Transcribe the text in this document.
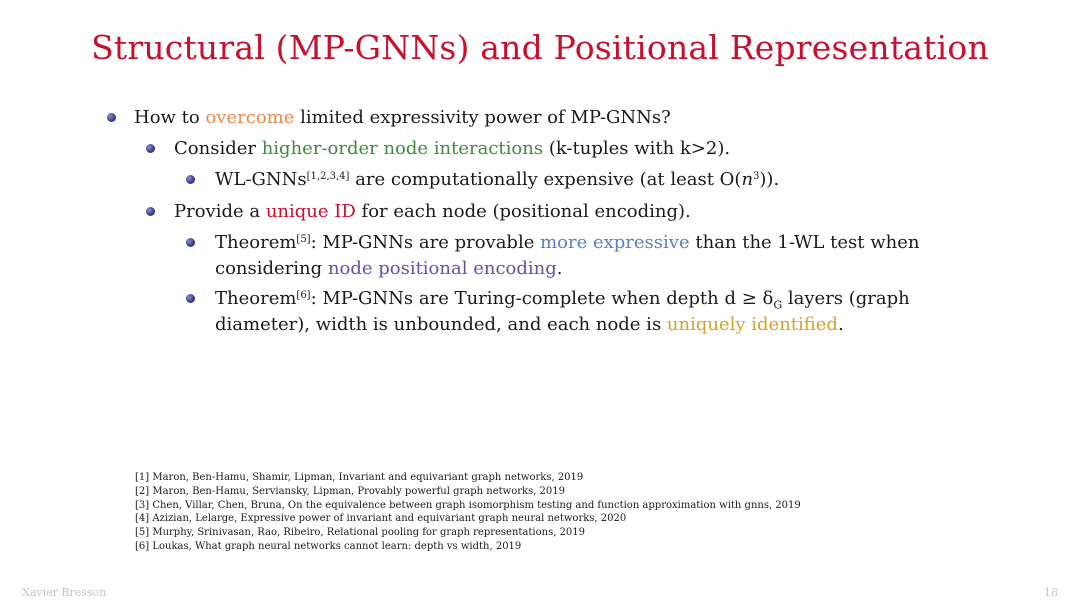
Structural (MP-GNNs) and Positional Representation
How to overcome limited expressivity power of MP-GNNs?
Consider higher-order node interactions (k-tuples with k>2).
WL-GNNs[1,2,3,4] are computationally expensive (at least $O(n^3)$).
Provide a unique ID for each node (positional encoding).
Theorem[5]: MP-GNNs are provable more expressive than the 1-WL test when
considering node positional encoding.
Theorem[6]: MP-GNNs are Turing-complete when depth $d \ge \delta_G$ layers (graph
diameter), width is unbounded, and each node is uniquely identified.
[1] Maron, Ben-Hamu, Shamir, Lipman, Invariant and equivariant graph networks, 2019
[2] Maron, Ben-Hamu, Serviansky, Lipman, Provably powerful graph networks, 2019
[3] Chen, Villar, Chen, Bruna, On the equivalence between graph isomorphism testing and function approximation with gnns, 2019
[4] Azizian, Lelarge, Expressive power of invariant and equivariant graph neural networks, 2020
[5] Murphy, Srinivasan, Rao, Ribeiro, Relational pooling for graph representations, 2019
[6] Loukas, What graph neural networks cannot learn: depth vs width, 2019
Xavier Bresson	18
